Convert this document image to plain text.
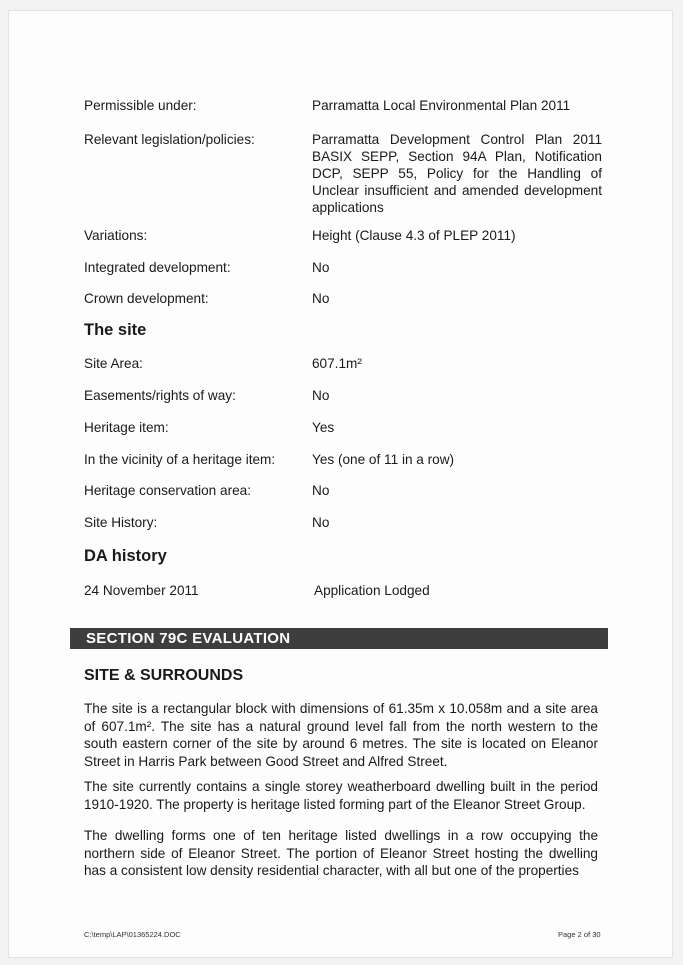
Permissible under:	Parramatta Local Environmental Plan 2011
Relevant legislation/policies:	Parramatta Development Control Plan 2011 BASIX SEPP, Section 94A Plan, Notification DCP, SEPP 55, Policy for the Handling of Unclear insufficient and amended development applications
Variations:	Height (Clause 4.3 of PLEP 2011)
Integrated development:	No
Crown development:	No
The site
Site Area:	607.1m²
Easements/rights of way:	No
Heritage item:	Yes
In the vicinity of a heritage item:	Yes (one of 11 in a row)
Heritage conservation area:	No
Site History:	No
DA history
24 November 2011	Application Lodged
SECTION 79C EVALUATION
SITE & SURROUNDS
The site is a rectangular block with dimensions of 61.35m x 10.058m and a site area of 607.1m². The site has a natural ground level fall from the north western to the south eastern corner of the site by around 6 metres. The site is located on Eleanor Street in Harris Park between Good Street and Alfred Street.
The site currently contains a single storey weatherboard dwelling built in the period 1910-1920. The property is heritage listed forming part of the Eleanor Street Group.
The dwelling forms one of ten heritage listed dwellings in a row occupying the northern side of Eleanor Street. The portion of Eleanor Street hosting the dwelling has a consistent low density residential character, with all but one of the properties
C:\temp\LAP\01365224.DOC	Page 2 of 30
